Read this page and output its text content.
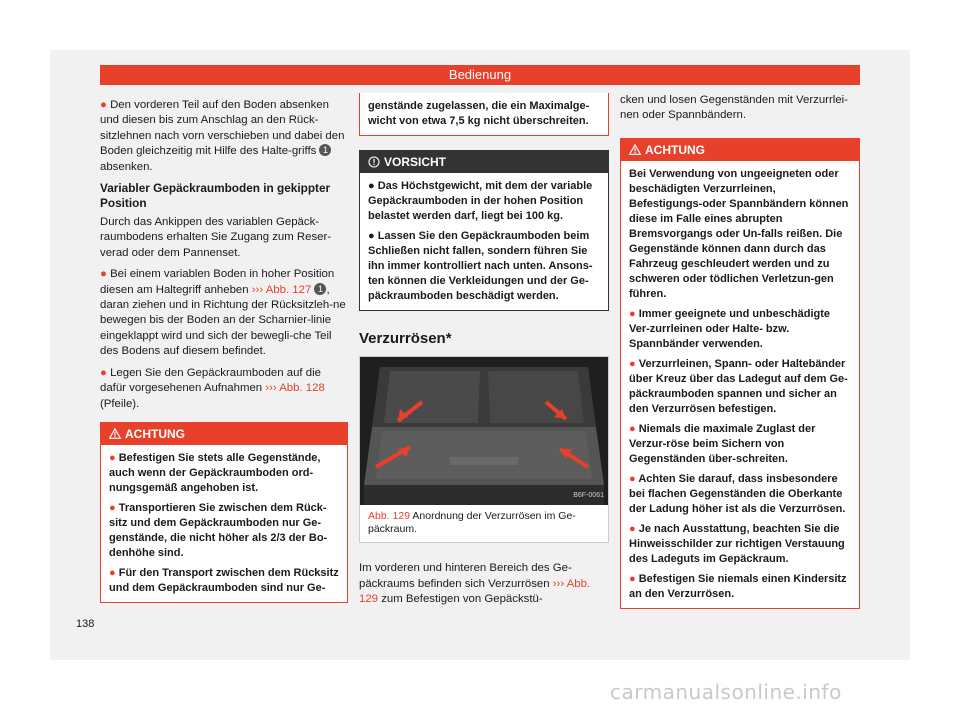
Bedienung

● Den vorderen Teil auf den Boden absenken und diesen bis zum Anschlag an den Rück-sitzlehnen nach vorn verschieben und dabei den Boden gleichzeitig mit Hilfe des Halte-griffs 1 absenken.

Variabler Gepäckraumboden in gekippter Position

Durch das Ankippen des variablen Gepäck-raumbodens erhalten Sie Zugang zum Reser-verad oder dem Pannenset.

● Bei einem variablen Boden in hoher Position diesen am Haltegriff anheben ››› Abb. 127 1 , daran ziehen und in Richtung der Rücksitzleh-ne bewegen bis der Boden an der Scharnier-linie eingeklappt wird und sich der bewegli-che Teil des Bodens auf diesem befindet.

● Legen Sie den Gepäckraumboden auf die dafür vorgesehenen Aufnahmen ››› Abb. 128 (Pfeile).

ACHTUNG

● Befestigen Sie stets alle Gegenstände, auch wenn der Gepäckraumboden ord-nungsgemäß angehoben ist.

● Transportieren Sie zwischen dem Rück-sitz und dem Gepäckraumboden nur Ge-genstände, die nicht höher als 2/3 der Bo-denhöhe sind.

● Für den Transport zwischen dem Rücksitz und dem Gepäckraumboden sind nur Ge-

genstände zugelassen, die ein Maximalge-wicht von etwa 7,5 kg nicht überschreiten.
VORSICHT

● Das Höchstgewicht, mit dem der variable Gepäckraumboden in der hohen Position belastet werden darf, liegt bei 100 kg.

● Lassen Sie den Gepäckraumboden beim Schließen nicht fallen, sondern führen Sie ihn immer kontrolliert nach unten. Ansons-ten können die Verkleidungen und der Ge-päckraumboden beschädigt werden.

Verzurrösen*
B6F-0061
Abb. 129 Anordnung der Verzurrösen im Ge-päckraum.

Im vorderen und hinteren Bereich des Ge-päckraums befinden sich Verzurrösen ››› Abb. 129 zum Befestigen von Gepäckstü-

cken und losen Gegenständen mit Verzurrlei-nen oder Spannbändern.

ACHTUNG

Bei Verwendung von ungeeigneten oder beschädigten Verzurrleinen, Befestigungs-oder Spannbändern können diese im Falle eines abrupten Bremsvorgangs oder Un-falls reißen. Die Gegenstände können dann durch das Fahrzeug geschleudert werden und zu schweren oder tödlichen Verletzun-gen führen.

● Immer geeignete und unbeschädigte Ver-zurrleinen oder Halte- bzw. Spannbänder verwenden.

● Verzurrleinen, Spann- oder Haltebänder über Kreuz über das Ladegut auf dem Ge-päckraumboden spannen und sicher an den Verzurrösen befestigen.

● Niemals die maximale Zuglast der Verzur-röse beim Sichern von Gegenständen über-schreiten.

● Achten Sie darauf, dass insbesondere bei flachen Gegenständen die Oberkante der Ladung höher ist als die Verzurrösen.

● Je nach Ausstattung, beachten Sie die Hinweisschilder zur richtigen Verstauung des Ladeguts im Gepäckraum.

● Befestigen Sie niemals einen Kindersitz an den Verzurrösen.

138
carmanualsonline.info
